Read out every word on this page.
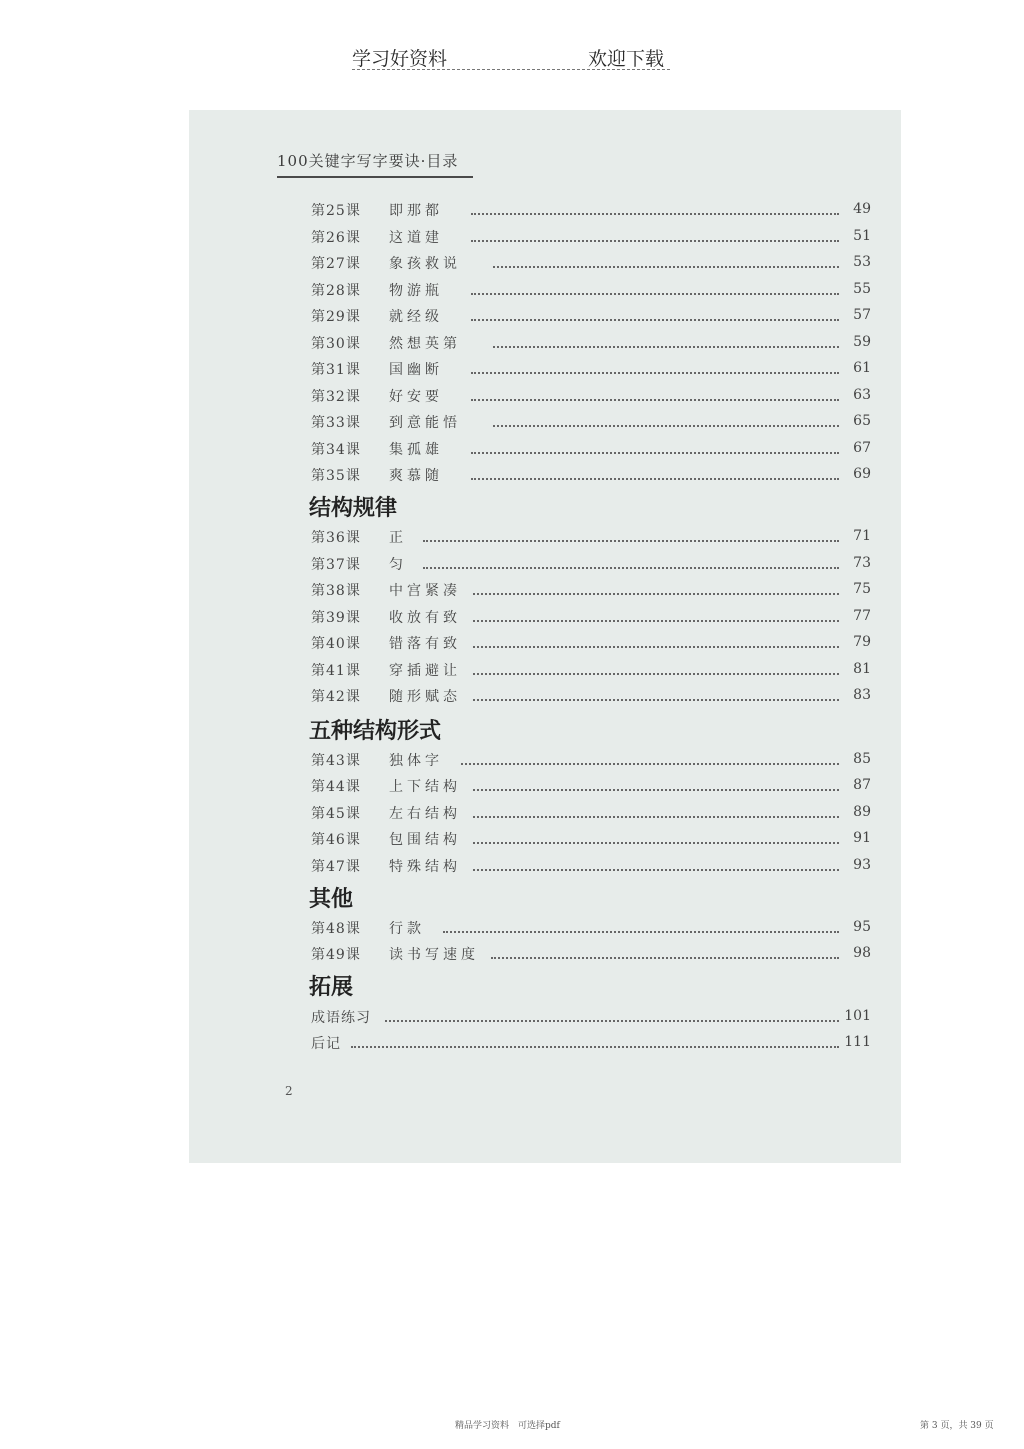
学习好资料	欢迎下载
100关键字写字要诀·目录
第25课 即那都	49
第26课 这道建	51
第27课 象孩救说	53
第28课 物游瓶	55
第29课 就经级	57
第30课 然想英第	59
第31课 国幽断	61
第32课 好安要	63
第33课 到意能悟	65
第34课 集孤雄	67
第35课 爽慕随	69
结构规律
第36课 正	71
第37课 匀	73
第38课 中宫紧凑	75
第39课 收放有致	77
第40课 错落有致	79
第41课 穿插避让	81
第42课 随形赋态	83
五种结构形式
第43课 独体字	85
第44课 上下结构	87
第45课 左右结构	89
第46课 包围结构	91
第47课 特殊结构	93
其他
第48课 行款	95
第49课 读书写速度	98
拓展
成语练习	101
后记	111
2
精品学习资料　可选择pdf	第 3 页，共 39 页
